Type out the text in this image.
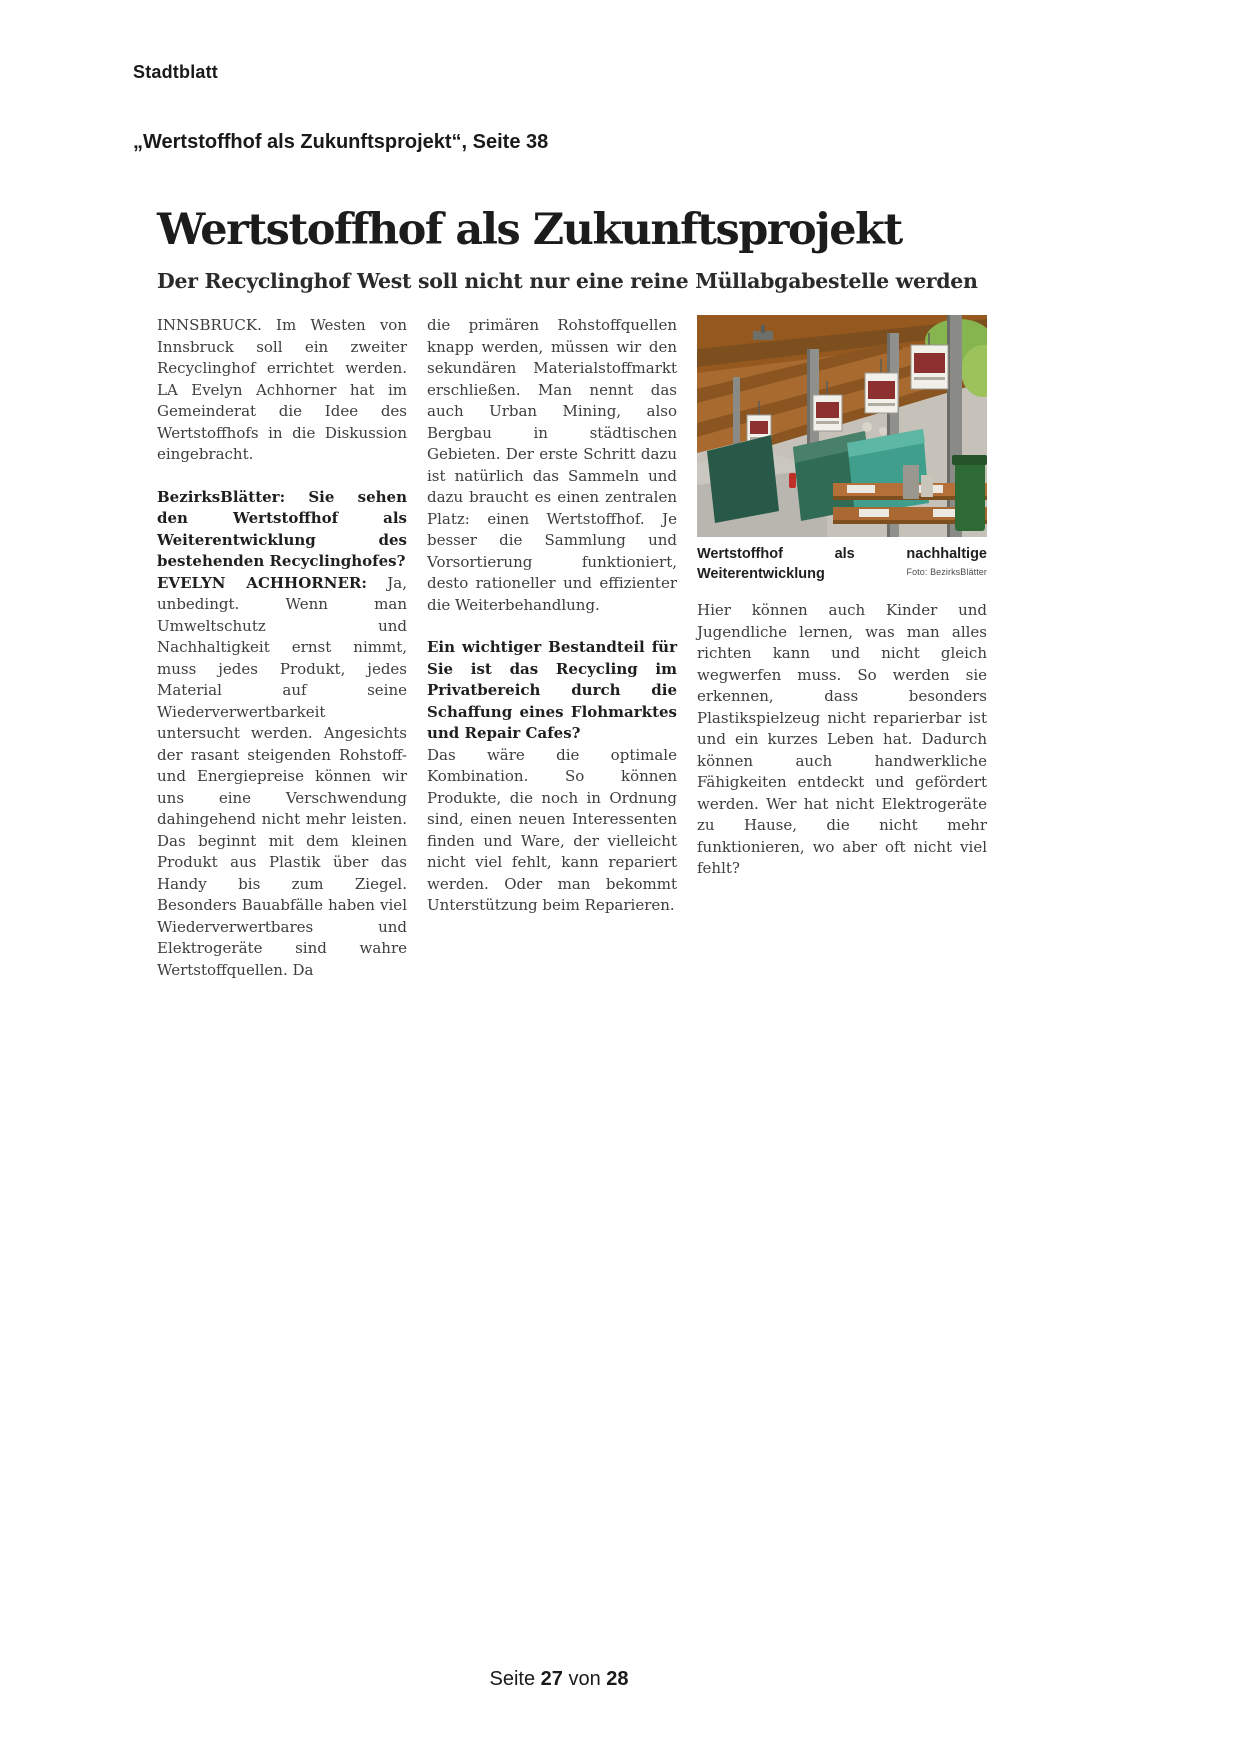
Stadtblatt
„Wertstoffhof als Zukunftsprojekt“, Seite 38
Wertstoffhof als Zukunftsprojekt
Der Recyclinghof West soll nicht nur eine reine Müllabgabestelle werden

INNSBRUCK. Im Westen von Innsbruck soll ein zweiter Recyclinghof errichtet werden. LA Evelyn Achhorner hat im Gemeinderat die Idee des Wertstoffhofs in die Diskussion eingebracht.

BezirksBlätter: Sie sehen den Wertstoffhof als Weiterentwicklung des bestehenden Recyclinghofes?

EVELYN ACHHORNER: Ja, unbedingt. Wenn man Umweltschutz und Nachhaltigkeit ernst nimmt, muss jedes Produkt, jedes Material auf seine Wiederverwertbarkeit untersucht werden. Angesichts der rasant steigenden Rohstoff- und Energiepreise können wir uns eine Verschwendung dahingehend nicht mehr leisten. Das beginnt mit dem kleinen Produkt aus Plastik über das Handy bis zum Ziegel. Besonders Bauabfälle haben viel Wiederverwertbares und Elektrogeräte sind wahre Wertstoffquellen. Da

die primären Rohstoffquellen knapp werden, müssen wir den sekundären Materialstoffmarkt erschließen. Man nennt das auch Urban Mining, also Bergbau in städtischen Gebieten. Der erste Schritt dazu ist natürlich das Sammeln und dazu braucht es einen zentralen Platz: einen Wertstoffhof. Je besser die Sammlung und Vorsortierung funktioniert, desto rationeller und effizienter die Weiterbehandlung.

Ein wichtiger Bestandteil für Sie ist das Recycling im Privatbereich durch die Schaffung eines Flohmarktes und Repair Cafes?

Das wäre die optimale Kombination. So können Produkte, die noch in Ordnung sind, einen neuen Interessenten finden und Ware, der vielleicht nicht viel fehlt, kann repariert werden. Oder man bekommt Unterstützung beim Reparieren.

Wertstoffhof als nachhaltige Weiterentwicklung	Foto: BezirksBlätter

Hier können auch Kinder und Jugendliche lernen, was man alles richten kann und nicht gleich wegwerfen muss. So werden sie erkennen, dass besonders Plastikspielzeug nicht reparierbar ist und ein kurzes Leben hat. Dadurch können auch handwerkliche Fähigkeiten entdeckt und gefördert werden. Wer hat nicht Elektrogeräte zu Hause, die nicht mehr funktionieren, wo aber oft nicht viel fehlt?

Seite 27 von 28
